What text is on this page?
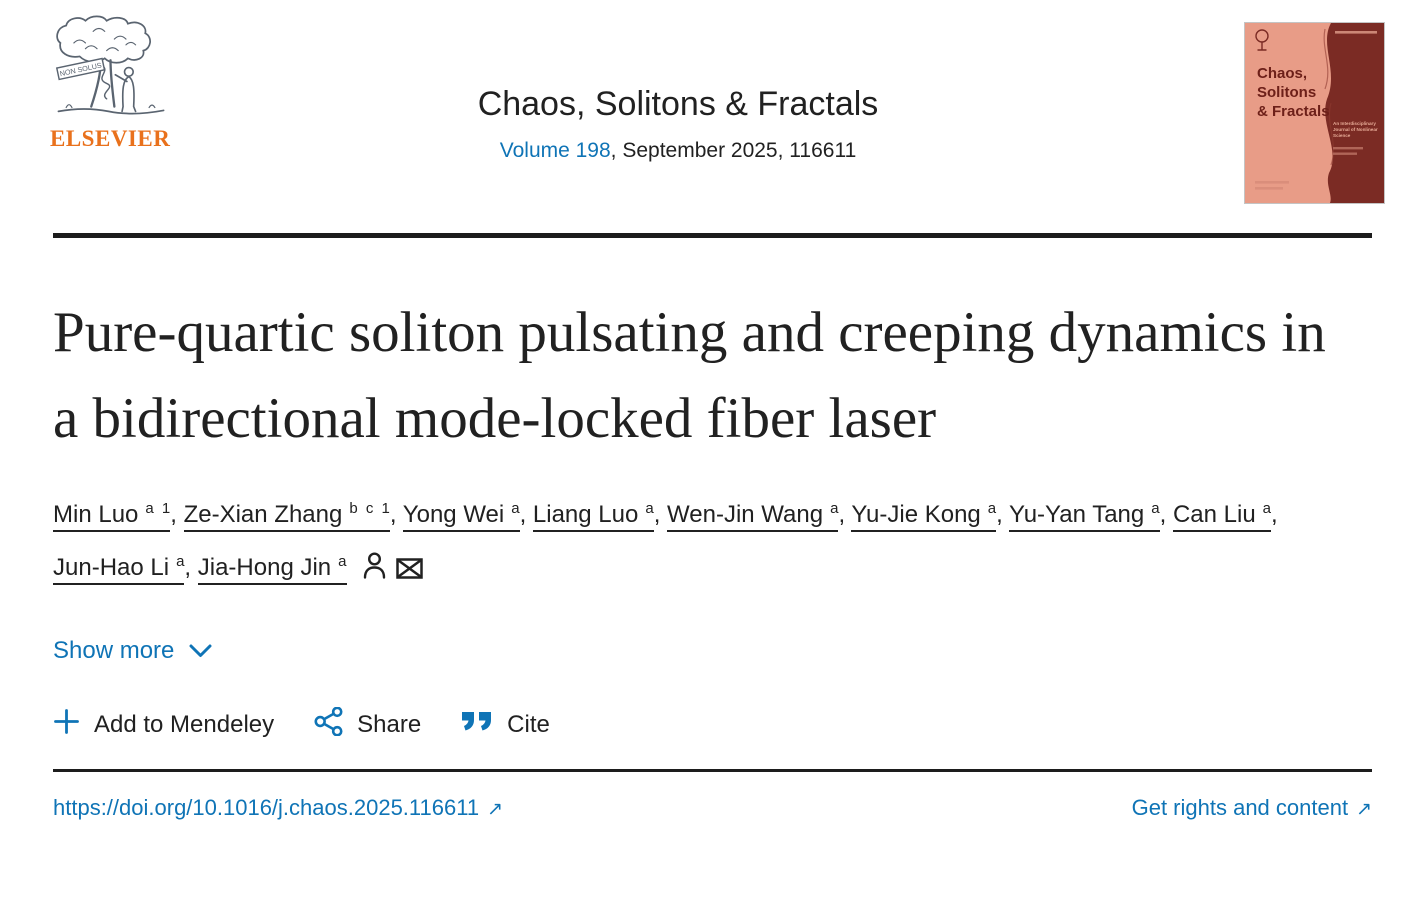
NON SOLUS
ELSEVIER
Chaos, Solitons & Fractals
Volume 198, September 2025, 116611
Chaos,
Solitons
& Fractals
An Interdisciplinary
Journal of Nonlinear
Science
Pure-quartic soliton pulsating and creeping dynamics in a bidirectional mode-locked fiber laser
Min Luo $^{a 1}$, Ze-Xian Zhang $^{b c 1}$, Yong Wei $^a$, Liang Luo $^a$, Wen-Jin Wang $^a$, Yu-Jie Kong $^a$, Yu-Yan Tang $^a$, Can Liu $^a$, Jun-Hao Li $^a$, Jia-Hong Jin $^a$
Show more
Add to Mendeley	Share	Cite
https://doi.org/10.1016/j.chaos.2025.116611 ↗	Get rights and content ↗
